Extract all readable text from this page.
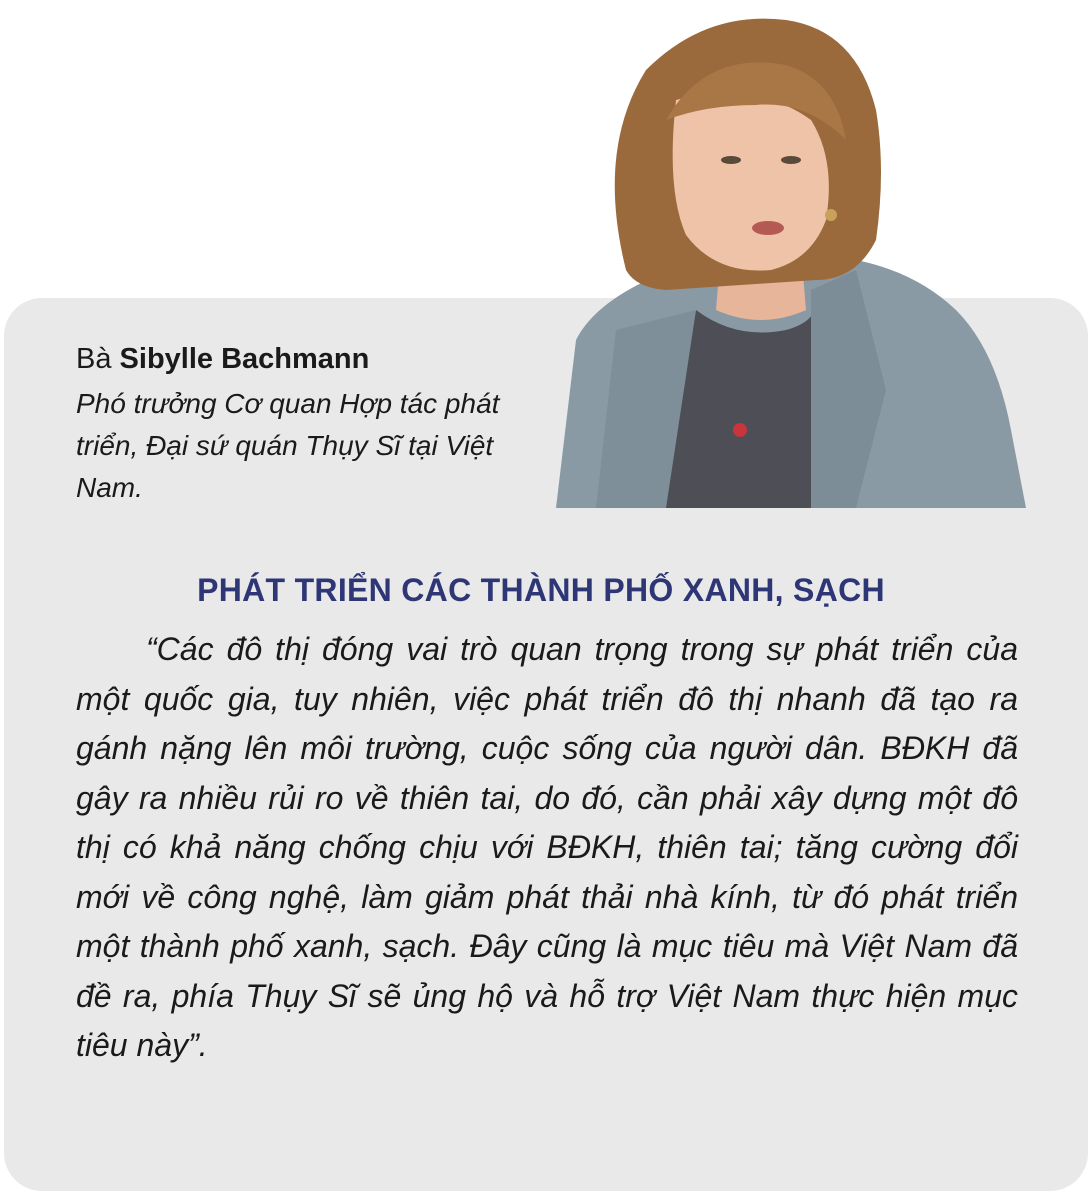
Bà Sibylle Bachmann

Phó trưởng Cơ quan Hợp tác phát triển, Đại sứ quán Thụy Sĩ tại Việt Nam.

PHÁT TRIỂN CÁC THÀNH PHỐ XANH, SẠCH

“Các đô thị đóng vai trò quan trọng trong sự phát triển của một quốc gia, tuy nhiên, việc phát triển đô thị nhanh đã tạo ra gánh nặng lên môi trường, cuộc sống của người dân. BĐKH đã gây ra nhiều rủi ro về thiên tai, do đó, cần phải xây dựng một đô thị có khả năng chống chịu với BĐKH, thiên tai; tăng cường đổi mới về công nghệ, làm giảm phát thải nhà kính, từ đó phát triển một thành phố xanh, sạch. Đây cũng là mục tiêu mà Việt Nam đã đề ra, phía Thụy Sĩ sẽ ủng hộ và hỗ trợ Việt Nam thực hiện mục tiêu này”.
